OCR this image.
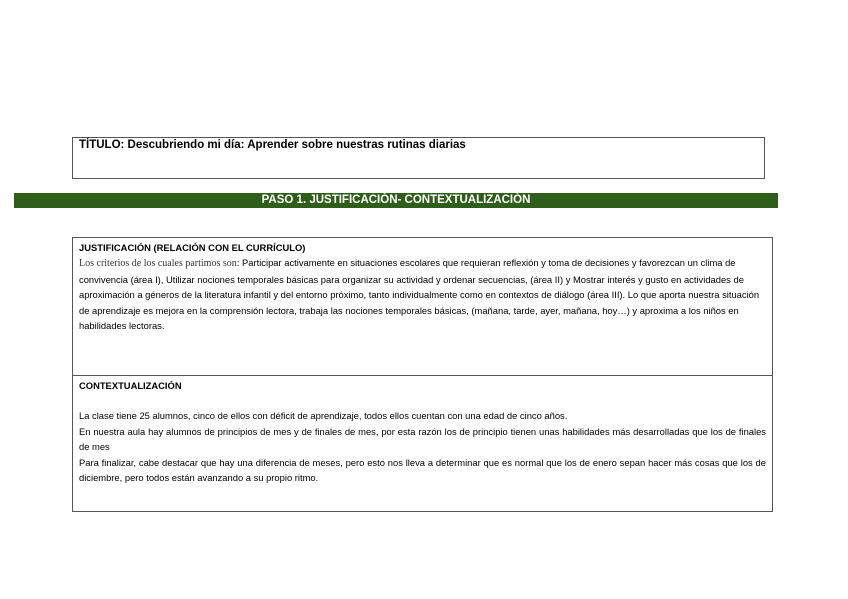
TÍTULO: Descubriendo mi día: Aprender sobre nuestras rutinas diarias
PASO 1. JUSTIFICACIÓN- CONTEXTUALIZACIÓN
JUSTIFICACIÓN (RELACIÓN CON EL CURRÍCULO)
Los criterios de los cuales partimos son: Participar activamente en situaciones escolares que requieran reflexión y toma de decisiones y favorezcan un clima de convivencia (área I), Utilizar nociones temporales básicas para organizar su actividad y ordenar secuencias, (área II) y Mostrar interés y gusto en actividades de aproximación a géneros de la literatura infantil y del entorno próximo, tanto individualmente como en contextos de diálogo (área III). Lo que aporta nuestra situación de aprendizaje es mejora en la comprensión lectora, trabaja las nociones temporales básicas, (mañana, tarde, ayer, mañana, hoy…) y aproxima a los niños en habilidades lectoras.
CONTEXTUALIZACIÓN
La clase tiene 25 alumnos, cinco de ellos con déficit de aprendizaje, todos ellos cuentan con una edad de cinco años.
En nuestra aula hay alumnos de principios de mes y de finales de mes, por esta razón los de principio tienen unas habilidades más desarrolladas que los de finales de mes
Para finalizar, cabe destacar que hay una diferencia de meses, pero esto nos lleva a determinar que es normal que los de enero sepan hacer más cosas que los de diciembre, pero todos están avanzando a su propio ritmo.
